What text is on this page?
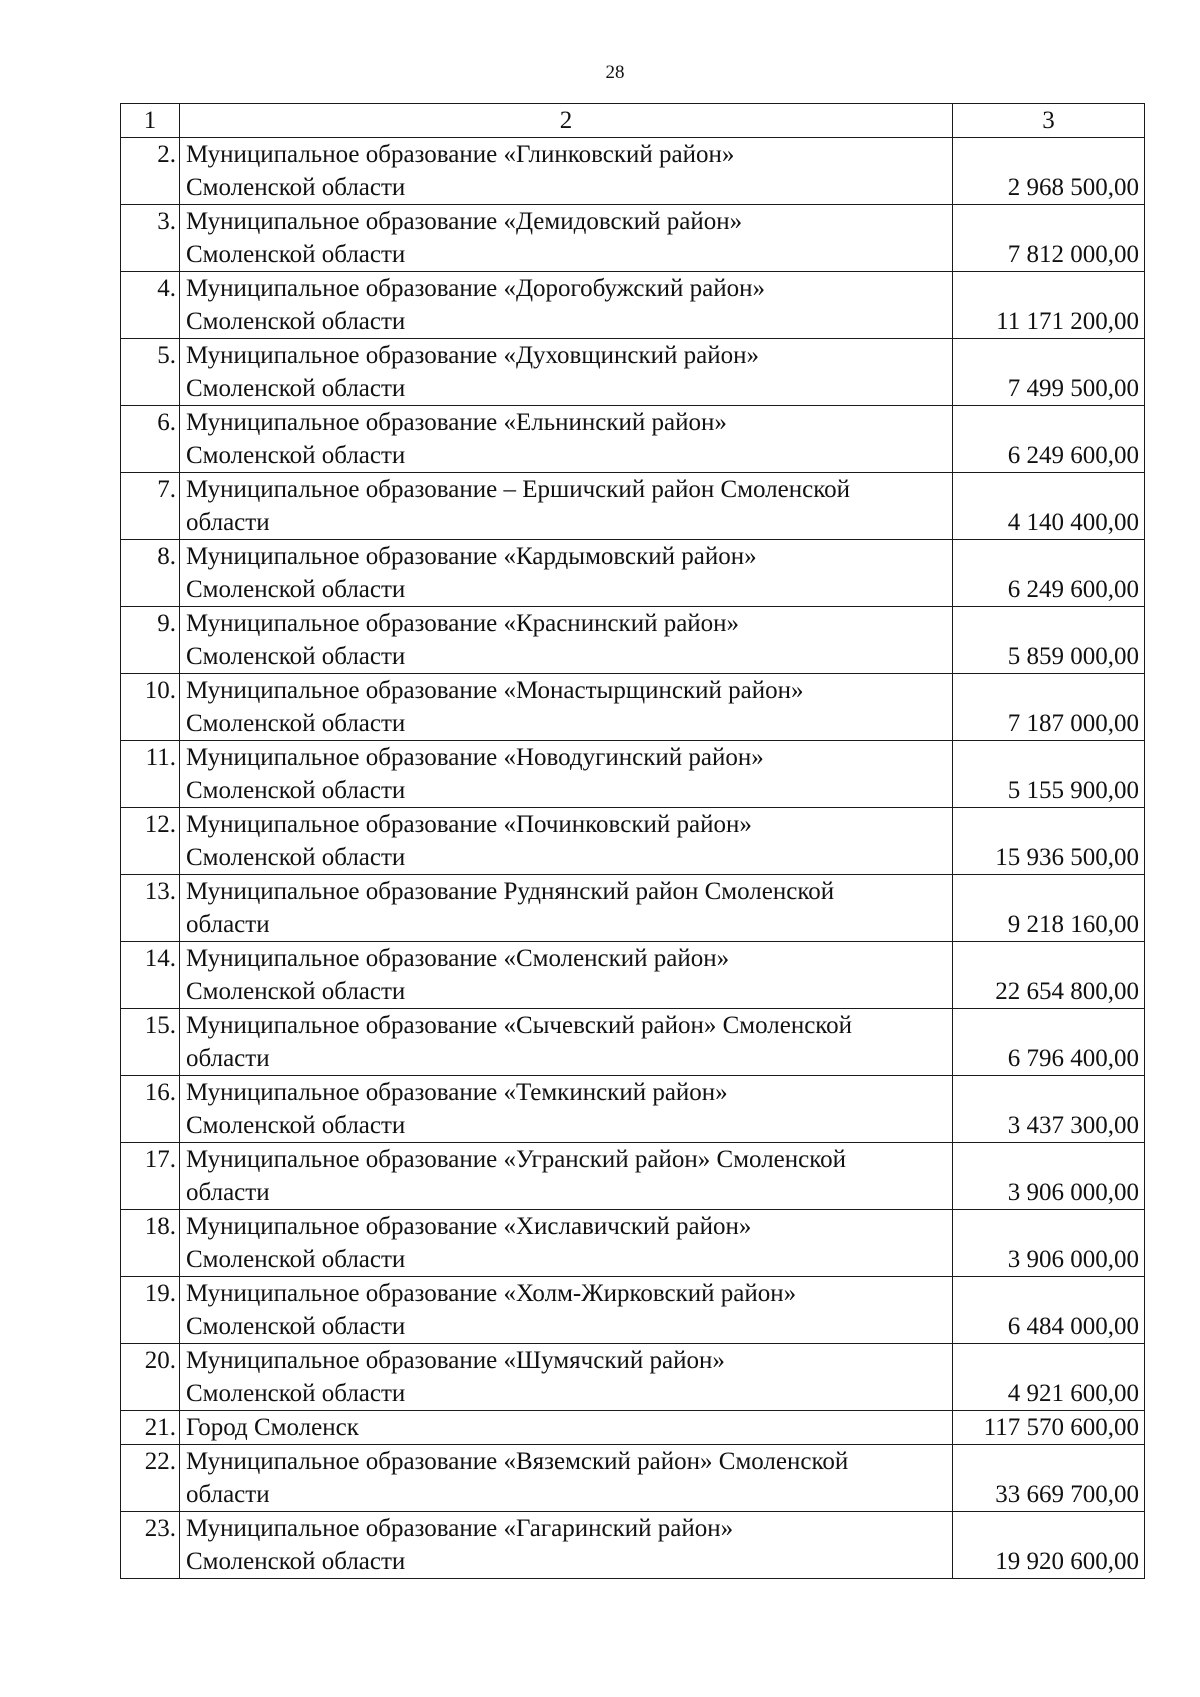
28
1	2	3
2.	Муниципальное образование «Глинковский район»
Смоленской области	2 968 500,00
3.	Муниципальное образование «Демидовский район»
Смоленской области	7 812 000,00
4.	Муниципальное образование «Дорогобужский район»
Смоленской области	11 171 200,00
5.	Муниципальное образование «Духовщинский район»
Смоленской области	7 499 500,00
6.	Муниципальное образование «Ельнинский район»
Смоленской области	6 249 600,00
7.	Муниципальное образование – Ершичский район Смоленской
области	4 140 400,00
8.	Муниципальное образование «Кардымовский район»
Смоленской области	6 249 600,00
9.	Муниципальное образование «Краснинский район»
Смоленской области	5 859 000,00
10.	Муниципальное образование «Монастырщинский район»
Смоленской области	7 187 000,00
11.	Муниципальное образование «Новодугинский район»
Смоленской области	5 155 900,00
12.	Муниципальное образование «Починковский район»
Смоленской области	15 936 500,00
13.	Муниципальное образование Руднянский район Смоленской
области	9 218 160,00
14.	Муниципальное образование «Смоленский район»
Смоленской области	22 654 800,00
15.	Муниципальное образование «Сычевский район» Смоленской
области	6 796 400,00
16.	Муниципальное образование «Темкинский район»
Смоленской области	3 437 300,00
17.	Муниципальное образование «Угранский район» Смоленской
области	3 906 000,00
18.	Муниципальное образование «Хиславичский район»
Смоленской области	3 906 000,00
19.	Муниципальное образование «Холм-Жирковский район»
Смоленской области	6 484 000,00
20.	Муниципальное образование «Шумячский район»
Смоленской области	4 921 600,00
21.	Город Смоленск	117 570 600,00
22.	Муниципальное образование «Вяземский район» Смоленской
области	33 669 700,00
23.	Муниципальное образование «Гагаринский район»
Смоленской области	19 920 600,00
